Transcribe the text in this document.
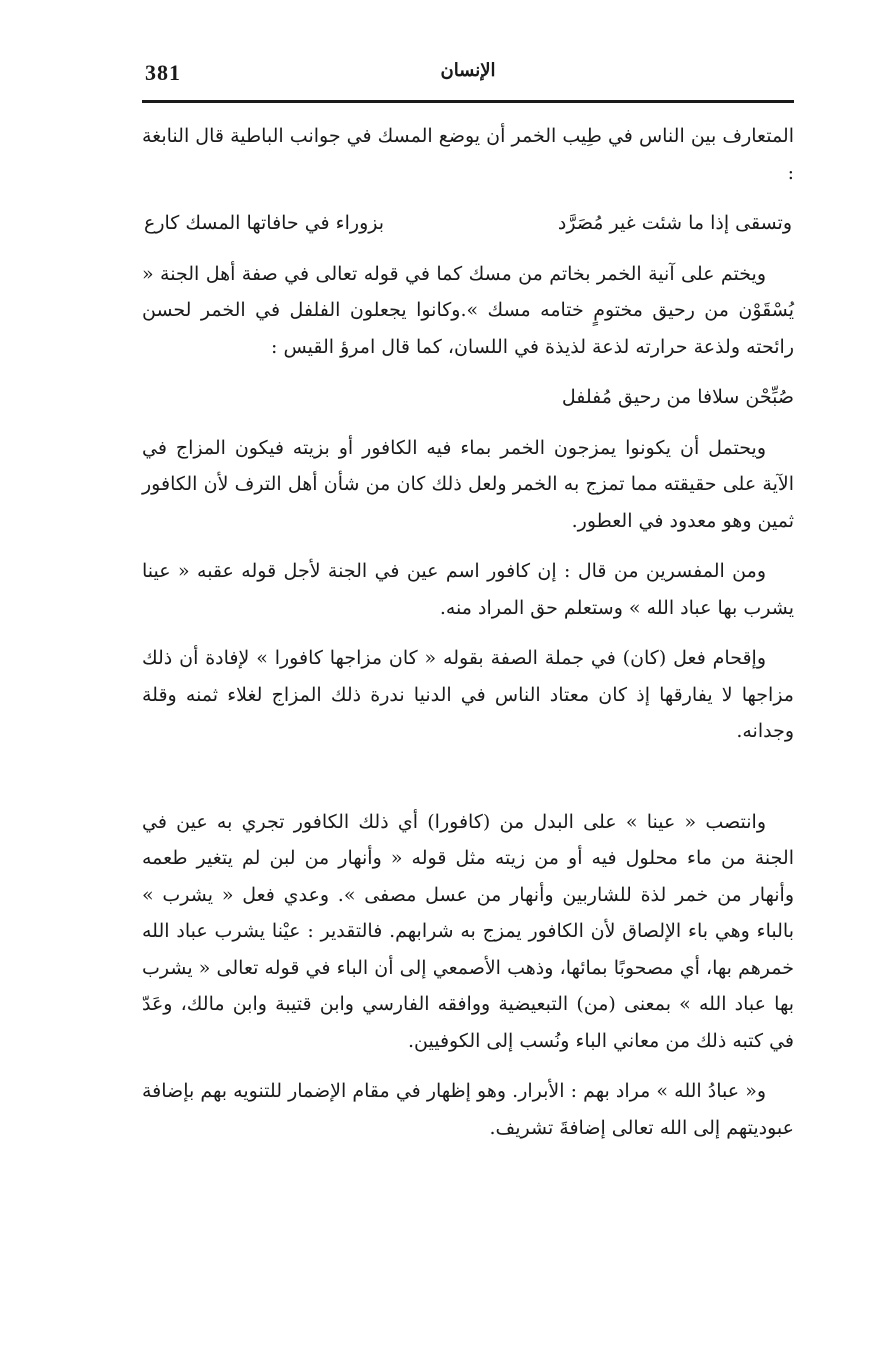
381	الإنسان

المتعارف بين الناس في طِيب الخمر أن يوضع المسك في جوانب الباطية قال النابغة :

وتسقى إذا ما شئت غير مُصَرَّد
بزوراء في حافاتها المسك كارع

ويختم على آنية الخمر بخاتم من مسك كما في قوله تعالى في صفة أهل الجنة « يُسْقَوْن من رحيق مختومٍ ختامه مسك ».وكانوا يجعلون الفلفل في الخمر لحسن رائحته ولذعة حرارته لذعة لذيذة في اللسان، كما قال امرؤ القيس :

صُبِّحْن سلافا من رحيق مُفلفل

ويحتمل أن يكونوا يمزجون الخمر بماء فيه الكافور أو بزيته فيكون المزاج في الآية على حقيقته مما تمزج به الخمر ولعل ذلك كان من شأن أهل الترف لأن الكافور ثمين وهو معدود في العطور.

ومن المفسرين من قال : إن كافور اسم عين في الجنة لأجل قوله عقبه « عينا يشرب بها عباد الله » وستعلم حق المراد منه.

وإقحام فعل (كان) في جملة الصفة بقوله « كان مزاجها كافورا » لإفادة أن ذلك مزاجها لا يفارقها إذ كان معتاد الناس في الدنيا ندرة ذلك المزاج لغلاء ثمنه وقلة وجدانه.

وانتصب « عينا » على البدل من (كافورا) أي ذلك الكافور تجري به عين في الجنة من ماء محلول فيه أو من زيته مثل قوله « وأنهار من لبن لم يتغير طعمه وأنهار من خمر لذة للشاربين وأنهار من عسل مصفى ». وعدي فعل « يشرب » بالباء وهي باء الإلصاق لأن الكافور يمزج به شرابهم. فالتقدير : عيْنا يشرب عباد الله خمرهم بها، أي مصحوبًا بمائها، وذهب الأصمعي إلى أن الباء في قوله تعالى « يشرب بها عباد الله » بمعنى (من) التبعيضية ووافقه الفارسي وابن قتيبة وابن مالك، وعَدّ في كتبه ذلك من معاني الباء ونُسب إلى الكوفيين.

و« عبادُ الله » مراد بهم : الأبرار. وهو إظهار في مقام الإضمار للتنويه بهم بإضافة عبوديتهم إلى الله تعالى إضافةَ تشريف.
